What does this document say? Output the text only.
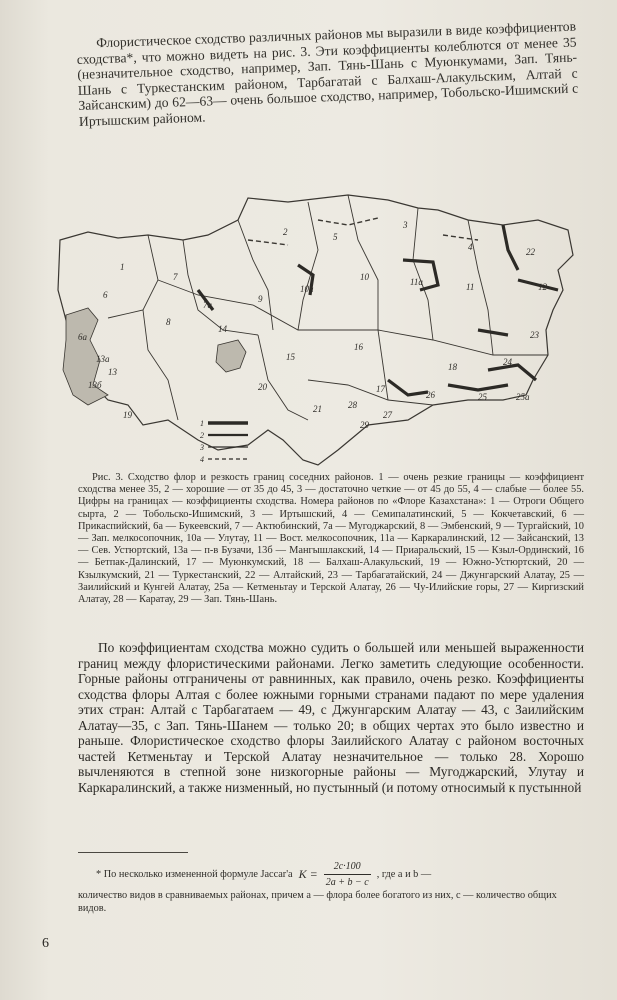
Флористическое сходство различных районов мы выразили в виде коэффициентов сходства*, что можно видеть на рис. 3. Эти коэффициенты колеблются от менее 35 (незначительное сходство, например, Зап. Тянь-Шань с Муюнкумами, Зап. Тянь-Шань с Туркестанским районом, Тарбагатай с Балхаш-Алакульским, Алтай с Зайсанским) до 62—63— очень большое сходство, например, Тобольско-Ишимский с Иртышским районом.

1
2
3
4
5
6
6а
7
7а
8
9
10
10а	11
11а	12
13
13а
13б
14
15
16
17
18
19
20
21
22
23
24
25	25а
26
27
28
29
1
2
3
4

Рис. 3. Сходство флор и резкость границ соседних районов. 1 — очень резкие границы — коэффициент сходства менее 35, 2 — хорошие — от 35 до 45, 3 — достаточно четкие — от 45 до 55, 4 — слабые — более 55. Цифры на границах — коэффициенты сходства. Номера районов по «Флоре Казахстана»: 1 — Отроги Общего сырта, 2 — Тобольско-Ишимский, 3 — Иртышский, 4 — Семипалатинский, 5 — Кокчетавский, 6 — Прикаспийский, 6а — Букеевский, 7 — Актюбинский, 7а — Мугоджарский, 8 — Эмбенский, 9 — Тургайский, 10 — Зап. мелкосопочник, 10а — Улутау, 11 — Вост. мелкосопочник, 11а — Каркаралинский, 12 — Зайсанский, 13 — Сев. Устюртский, 13а — п-в Бузачи, 13б — Мангышлакский, 14 — Приаральский, 15 — Кзыл-Ординский, 16 — Бетпак-Далинский, 17 — Муюнкумский, 18 — Балхаш-Алакульский, 19 — Южно-Устюртский, 20 — Кзылкумский, 21 — Туркестанский, 22 — Алтайский, 23 — Тарбагатайский, 24 — Джунгарский Алатау, 25 — Заилийский и Кунгей Алатау, 25а — Кетменьтау и Терской Алатау, 26 — Чу-Илийские горы, 27 — Киргизский Алатау, 28 — Каратау, 29 — Зап. Тянь-Шань.

По коэффициентам сходства можно судить о большей или меньшей выраженности границ между флористическими районами. Легко заметить следующие особенности. Горные районы отграничены от равнинных, как правило, очень резко. Коэффициенты сходства флоры Алтая с более южными горными странами падают по мере удаления этих стран: Алтай с Тарбагатаем — 49, с Джунгарским Алатау — 43, с Заилийским Алатау—35, с Зап. Тянь-Шанем — только 20; в общих чертах это было известно и раньше. Флористическое сходство флоры Заилийского Алатау с районом восточных частей Кетменьтау и Терской Алатау незначительное — только 28. Хорошо вычленяются в степной зоне низкогорные районы — Мугоджарский, Улутау и Каркаралинский, а также низменный, но пустынный (и потому относимый к пустынной

* По несколько измененной формуле Jaccar'a $K = \frac{2c\cdot 100}{2a + b - c}$ , где a и b —

количество видов в сравниваемых районах, причем a — флора более богатого из них, c — количество общих видов.

6
